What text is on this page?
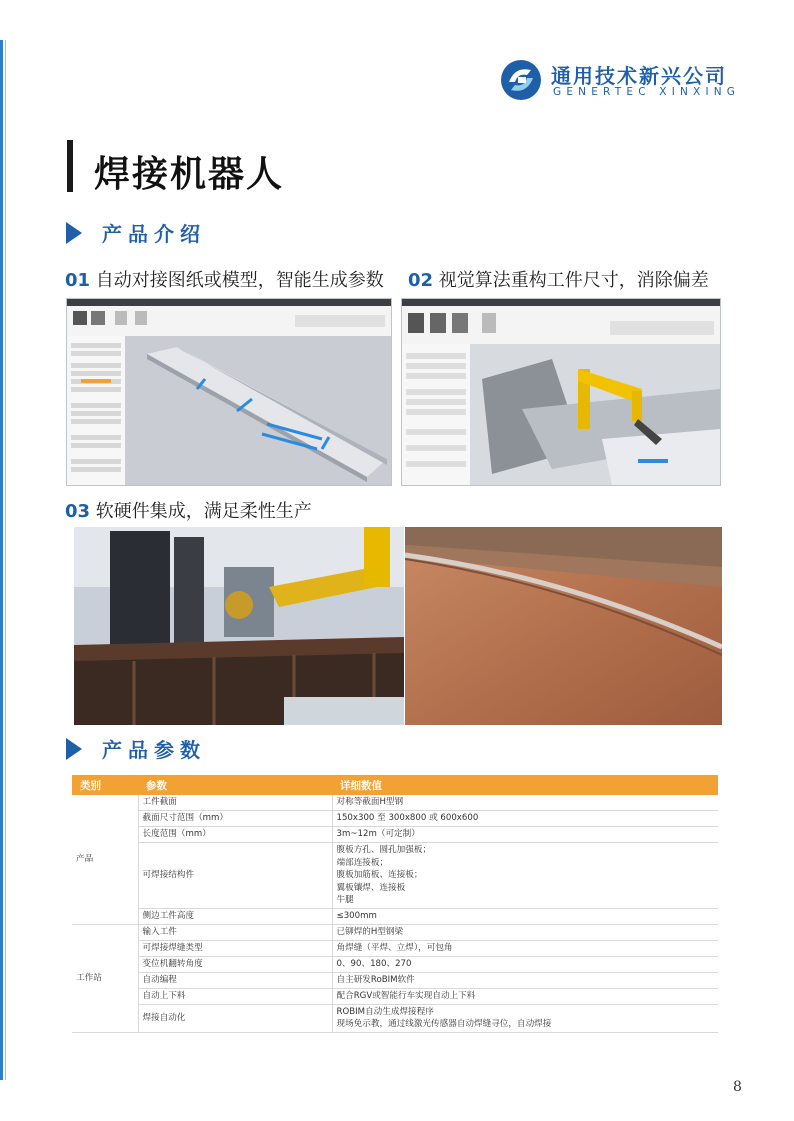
通用技术新兴公司
GENERTEC XINXING
焊接机器人
产品介绍
01 自动对接图纸或模型，智能生成参数 02 视觉算法重构工件尺寸，消除偏差
03 软硬件集成，满足柔性生产
产品参数
类别	参数	详细数值
产品	工件截面	对称等截面H型钢
	截面尺寸范围（mm）	150x300 至 300x800 或 600x600
	长度范围（mm）	3m~12m（可定制）
	可焊接结构件	腹板方孔、圆孔加强板；
端部连接板；
腹板加筋板、连接板；
翼板镶焊、连接板
牛腿

	侧边工件高度	≤300mm
工作站	输入工件	已铆焊的H型钢梁
	可焊接焊缝类型	角焊缝（平焊、立焊），可包角
	变位机翻转角度	0、90、180、270
	自动编程	自主研发RoBIM软件
	自动上下料	配合RGV或智能行车实现自动上下料
	焊接自动化	ROBIM自动生成焊接程序
现场免示教，通过线激光传感器自动焊缝寻位，自动焊接
8
